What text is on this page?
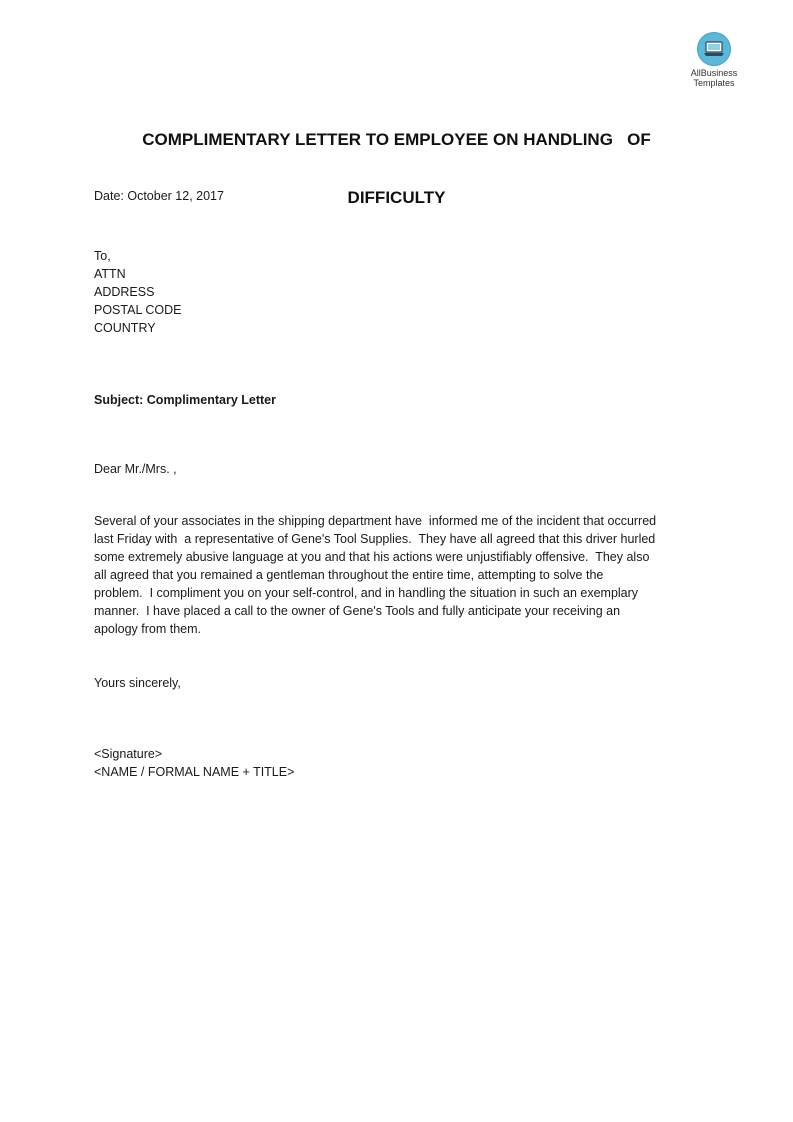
AllBusiness
Templates

COMPLIMENTARY LETTER TO EMPLOYEE ON HANDLING   OF

DIFFICULTY

Date: October 12, 2017
To,
ATTN
ADDRESS
POSTAL CODE
COUNTRY
Subject: Complimentary Letter
Dear Mr./Mrs. ,
Several of your associates in the shipping department have  informed me of the incident that occurred
last Friday with  a representative of Gene's Tool Supplies.  They have all agreed that this driver hurled
some extremely abusive language at you and that his actions were unjustifiably offensive.  They also
all agreed that you remained a gentleman throughout the entire time, attempting to solve the
problem.  I compliment you on your self-control, and in handling the situation in such an exemplary
manner.  I have placed a call to the owner of Gene's Tools and fully anticipate your receiving an
apology from them.
Yours sincerely,
<Signature>
<NAME / FORMAL NAME + TITLE>
